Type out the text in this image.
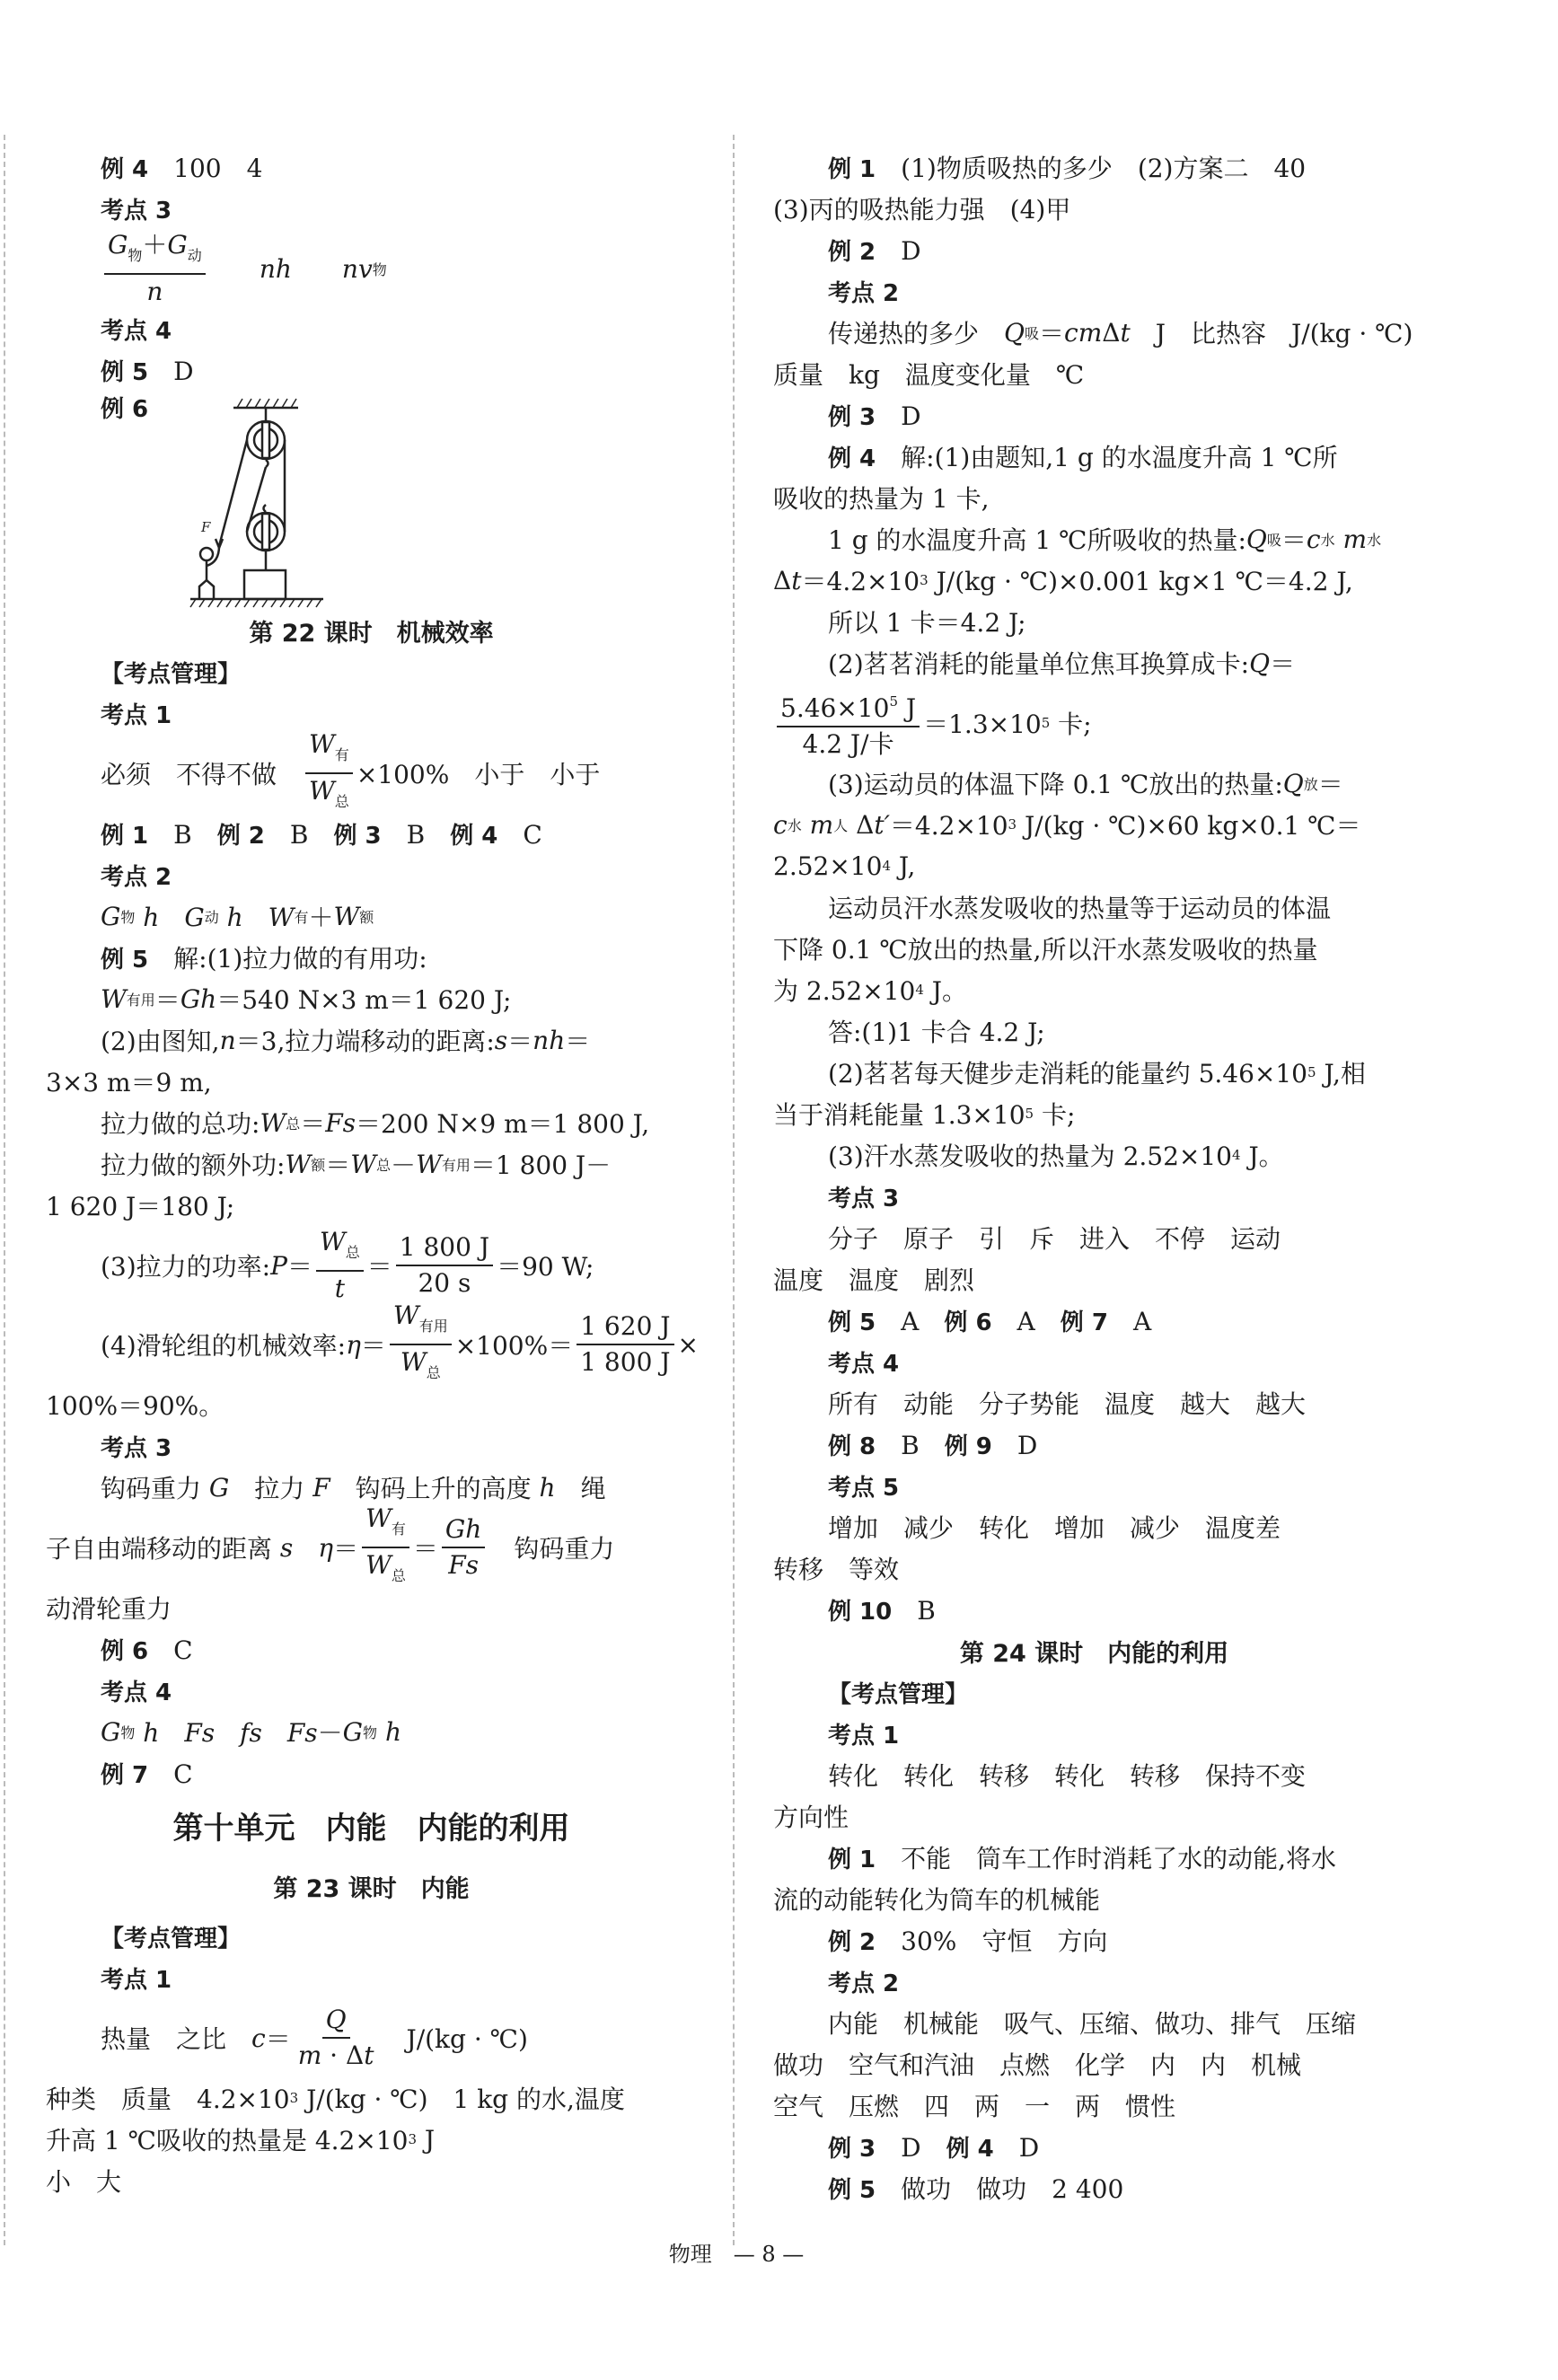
例 4 　100　4
考点 3
$\frac{G_物+G_动}{n}$
　　 nh
　　 nv 物
考点 4
例 5 　D
例 6
第 22 课时　机械效率
【考点管理】
考点 1
必须　不得不做　 $\frac{W_有}{W_总} \times 100\%$　小于　小于
例 1 　B　 例 2 　B　 例 3 　B　 例 4 　C
考点 2
G 物 h　G 动 h　W 有 ＋ W 额
例 5 　解:(1)拉力做的有用功:
W 有用 ＝ Gh ＝540 N×3 m＝1 620 J;
(2)由图知, n ＝3,拉力端移动的距离: s ＝ nh ＝
3×3 m＝9 m,
拉力做的总功: W 总 ＝ Fs ＝200 N×9 m＝1 800 J,
拉力做的额外功: W 额 ＝ W 总 － W 有用 ＝1 800 J－
1 620 J＝180 J;
(3)拉力的功率: $P = \frac{W_总}{t} = \frac{1 800 J}{20 s} =90$ W;
(4)滑轮组的机械效率: $\eta = \frac{W_{有用}}{W_总} \times 100\%= \frac{1 620 J}{1 800 J}$ ×
100%＝90%。
考点 3
钩码重力 G 　拉力 F 　钩码上升的高度 h 　绳
子自由端移动的距离 s
　 $\eta = \frac{W_有}{W_总} = \frac{Gh}{Fs}$ 　钩码重力
动滑轮重力
例 6 　C
考点 4
G 物 h　Fs　fs　Fs － G 物 h
例 7 　C
第十单元　内能　内能的利用
第 23 课时　内能
【考点管理】
考点 1
热量　之比　 $c = \frac{Q}{m \cdot \Delta t}$ 　J/(kg · ℃)
种类　质量　4.2×10 3 J/(kg · ℃)　1 kg 的水,温度
升高 1 ℃吸收的热量是 4.2×10 3 J
小　大
例 1 　(1)物质吸热的多少　(2)方案二　40
(3)丙的吸热能力强　(4)甲
例 2 　D
考点 2
传递热的多少　 Q 吸 ＝ cm Δ t 　J　比热容　J/(kg · ℃)
质量　kg　温度变化量　℃
例 3 　D
例 4 　解:(1)由题知,1 g 的水温度升高 1 ℃所
吸收的热量为 1 卡,
1 g 的水温度升高 1 ℃所吸收的热量: Q 吸 ＝ c 水
m 水
Δ t ＝4.2×10 3 J/(kg · ℃)×0.001 kg×1 ℃＝4.2 J,
所以 1 卡＝4.2 J;
(2)茗茗消耗的能量单位焦耳换算成卡: Q ＝
$\frac{5.46\times 10^5 J}{\text{4.2 J/卡}} =1.3\times 10$ 5 卡;
(3)运动员的体温下降 0.1 ℃放出的热量: Q 放 ＝
c 水
m 人 Δ t′ ＝4.2×10 3 J/(kg · ℃)×60 kg×0.1 ℃＝
2.52×10 4 J,
运动员汗水蒸发吸收的热量等于运动员的体温
下降 0.1 ℃放出的热量,所以汗水蒸发吸收的热量
为 2.52×10 4 J。
答:(1)1 卡合 4.2 J;
(2)茗茗每天健步走消耗的能量约 5.46×10 5 J,相
当于消耗能量 1.3×10 5 卡;
(3)汗水蒸发吸收的热量为 2.52×10 4 J。
考点 3
分子　原子　引　斥　进入　不停　运动
温度　温度　剧烈
例 5 　A　 例 6 　A　 例 7 　A
考点 4
所有　动能　分子势能　温度　越大　越大
例 8 　B　 例 9 　D
考点 5
增加　减少　转化　增加　减少　温度差
转移　等效
例 10 　B
第 24 课时　内能的利用
【考点管理】
考点 1
转化　转化　转移　转化　转移　保持不变
方向性
例 1 　不能　筒车工作时消耗了水的动能,将水
流的动能转化为筒车的机械能
例 2 　30%　守恒　方向
考点 2
内能　机械能　吸气、压缩、做功、排气　压缩
做功　空气和汽油　点燃　化学　内　内　机械
空气　压燃　四　两　一　两　惯性
例 3 　D　 例 4 　D
例 5 　做功　做功　2 400
F
物理　 — 8 —
